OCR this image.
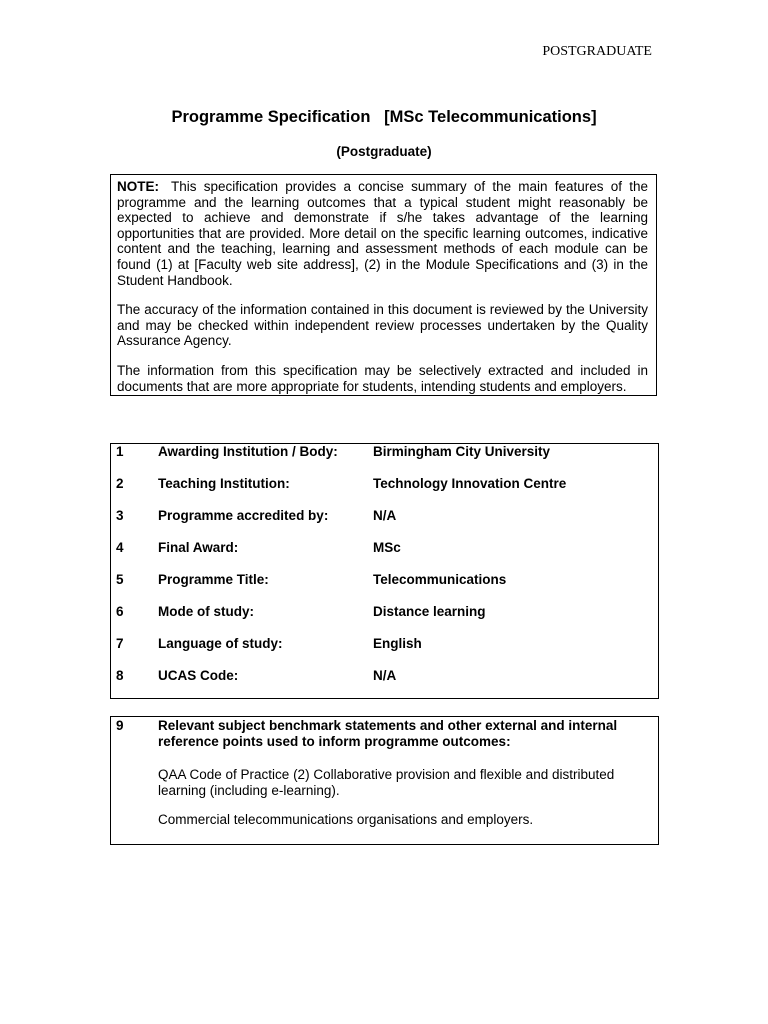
POSTGRADUATE
Programme Specification   [MSc Telecommunications]
(Postgraduate)

NOTE: This specification provides a concise summary of the main features of the programme and the learning outcomes that a typical student might reasonably be expected to achieve and demonstrate if s/he takes advantage of the learning opportunities that are provided. More detail on the specific learning outcomes, indicative content and the teaching, learning and assessment methods of each module can be found (1) at [Faculty web site address], (2) in the Module Specifications and (3) in the Student Handbook.

The accuracy of the information contained in this document is reviewed by the University and may be checked within independent review processes undertaken by the Quality Assurance Agency.

The information from this specification may be selectively extracted and included in documents that are more appropriate for students, intending students and employers.

1	Awarding Institution / Body:	Birmingham City University
2	Teaching Institution:	Technology Innovation Centre
3	Programme accredited by:	N/A
4	Final Award:	MSc
5	Programme Title:	Telecommunications
6	Mode of study:	Distance learning
7	Language of study:	English
8	UCAS Code:	N/A
9	Relevant subject benchmark statements and other external and internal reference points used to inform programme outcomes:
QAA Code of Practice (2) Collaborative provision and flexible and distributed learning (including e-learning).
Commercial telecommunications organisations and employers.
